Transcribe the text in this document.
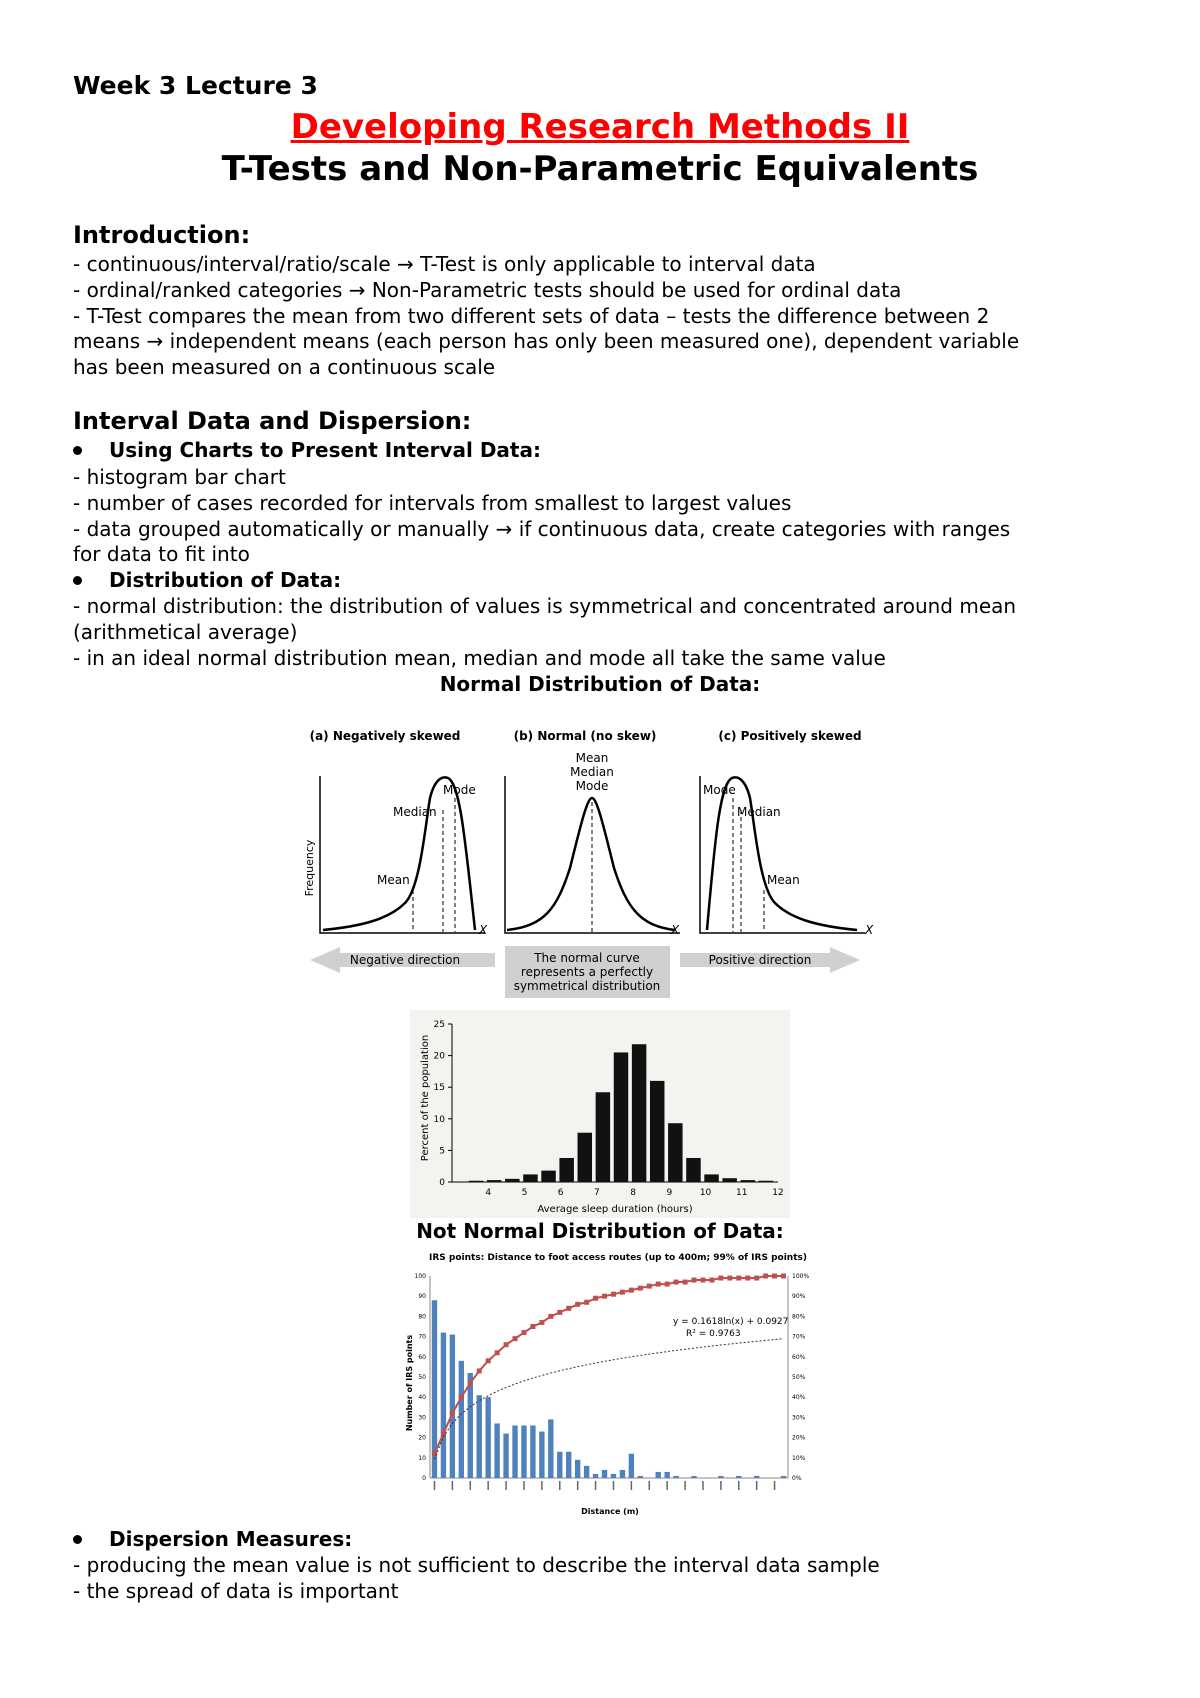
Week 3 Lecture 3
Developing Research Methods II
T-Tests and Non-Parametric Equivalents
Introduction:
- continuous/interval/ratio/scale → T-Test is only applicable to interval data
- ordinal/ranked categories → Non-Parametric tests should be used for ordinal data
- T-Test compares the mean from two different sets of data – tests the difference between 2
means → independent means (each person has only been measured one), dependent variable
has been measured on a continuous scale
Interval Data and Dispersion:
Using Charts to Present Interval Data:
- histogram bar chart
- number of cases recorded for intervals from smallest to largest values
- data grouped automatically or manually → if continuous data, create categories with ranges
for data to fit into
Distribution of Data:
- normal distribution: the distribution of values is symmetrical and concentrated around mean
(arithmetical average)
- in an ideal normal distribution mean, median and mode all take the same value
Normal Distribution of Data:
(a) Negatively skewed	(b) Normal (no skew)	(c) Positively skewed
Frequency
Mode
Median
Mean
X
Mean
Median
Mode
X
Mode
Median
Mean
X
Negative direction	The normal curve
represents a perfectly
symmetrical distribution
Positive direction
Percent of the population
Average sleep duration (hours)
0
5
10
15
20
25
4	5	6	7	8	9	10	11	12
Not Normal Distribution of Data:
IRS points: Distance to foot access routes (up to 400m; 99% of IRS points)
Number of IRS points
Distance (m)
y = 0.1618ln(x) + 0.0927
R² = 0.9763
0
10
20
30
40
50
60
70
80
90
100
0%
10%
20%
30%
40%
50%
60%
70%
80%
90%
100%
Dispersion Measures:
- producing the mean value is not sufficient to describe the interval data sample
- the spread of data is important
